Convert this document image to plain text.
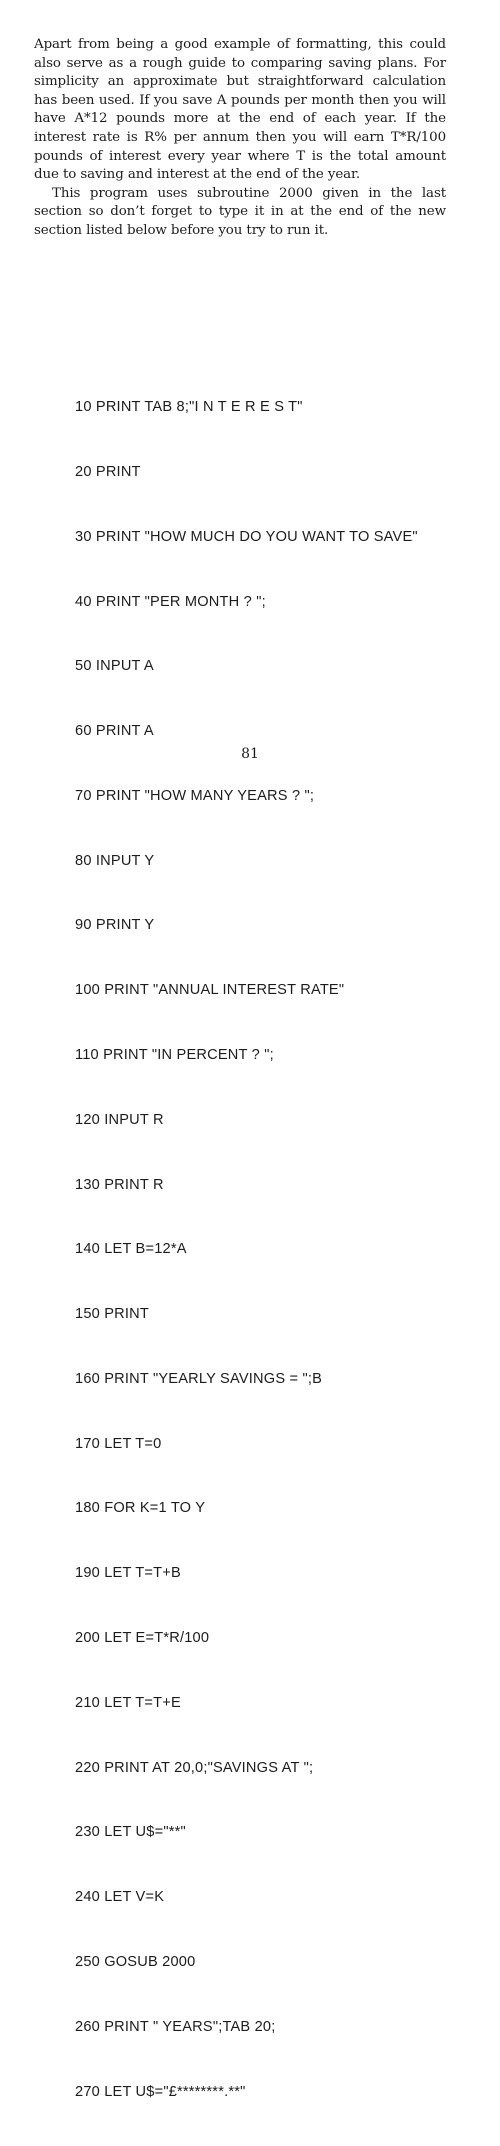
Apart from being a good example of formatting, this could also serve as a rough guide to comparing saving plans. For simplicity an approximate but straightforward calculation has been used. If you save A pounds per month then you will have A*12 pounds more at the end of each year. If the interest rate is R% per annum then you will earn T*R/100 pounds of interest every year where T is the total amount due to saving and interest at the end of the year.

This program uses subroutine 2000 given in the last section so don’t forget to type it in at the end of the new section listed below before you try to run it.

10 PRINT TAB 8;"I N T E R E S T"

20 PRINT

30 PRINT "HOW MUCH DO YOU WANT TO SAVE"

40 PRINT "PER MONTH ? ";

50 INPUT A

60 PRINT A

70 PRINT "HOW MANY YEARS ? ";

80 INPUT Y

90 PRINT Y

100 PRINT "ANNUAL INTEREST RATE"

110 PRINT "IN PERCENT ? ";

120 INPUT R

130 PRINT R

140 LET B=12*A

150 PRINT

160 PRINT "YEARLY SAVINGS = ";B

170 LET T=0

180 FOR K=1 TO Y

190 LET T=T+B

200 LET E=T*R/100

210 LET T=T+E

220 PRINT AT 20,0;"SAVINGS AT ";

230 LET U$="**"

240 LET V=K

250 GOSUB 2000

260 PRINT " YEARS";TAB 20;

270 LET U$="£********.**"

81
